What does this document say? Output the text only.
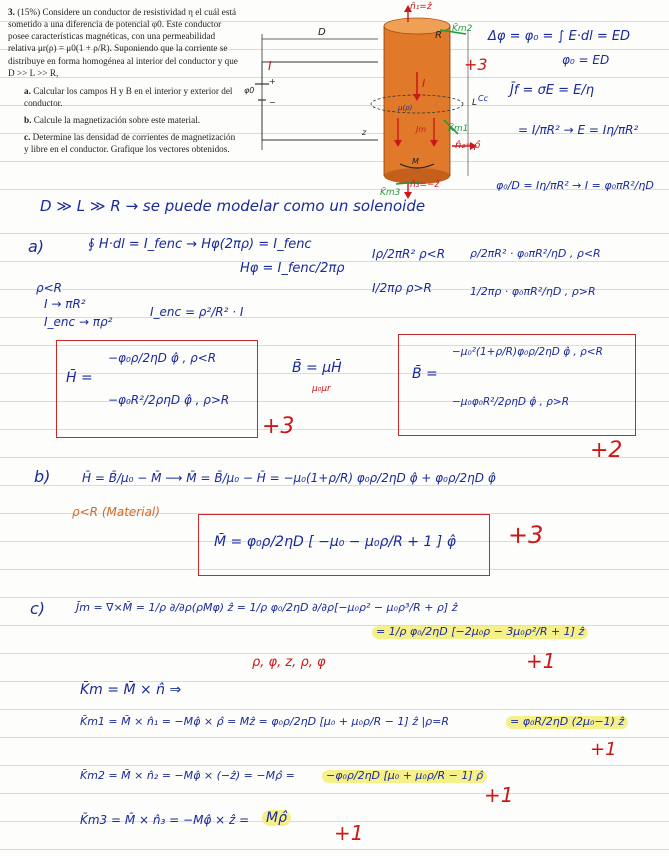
3. (15%) Considere un conductor de resistividad η el cuál está sometido a una diferencia de potencial φ0. Este conductor posee características magnéticas, con una permeabilidad relativa μr(ρ) = μ0(1 + ρ/R). Suponiendo que la corriente se distribuye en forma homogénea al interior del conductor y que D >> L >> R,
a. Calcular los campos H y B en el interior y exterior del conductor.
b. Calcule la magnetización sobre este material.
c. Determine las densidad de corrientes de magnetización y libre en el conductor. Grafique los vectores obtenidos.
D	R
I
φ0
+
−	L
z
I
μ(ρ)
n̂₁=ẑ
K̄m2
K̄m1
K̄m3
n̂₂=ρ̂
n̂₃=−ẑ
Cc
Jm
M
+3
Δφ = φ₀ = ∫ E·dl = ED
φ₀ = ED
J̄f = σE = E/η
= I/πR² → E = Iη/πR²
φ₀/D = Iη/πR² → I = φ₀πR²/ηD
D ≫ L ≫ R → se puede modelar como un solenoide
a)	∮ H·dl = I_fenc → Hφ(2πρ) = I_fenc
Hφ = I_fenc/2πρ
Iρ/2πR² ρ<R
I/2πρ ρ>R
ρ/2πR² · φ₀πR²/ηD , ρ<R
1/2πρ · φ₀πR²/ηD , ρ>R
ρ<R
I → πR²
I_enc → πρ²
I_enc = ρ²/R² · I
H̄ =
−φ₀ρ/2ηD φ̂ , ρ<R
−φ₀R²/2ρηD φ̂ , ρ>R
+3
B̄ = μH̄
μ₀μr
B̄ =
−μ₀²(1+ρ/R)φ₀ρ/2ηD φ̂ , ρ<R
−μ₀φ₀R²/2ρηD φ̂ , ρ>R
+2
b)	H̄ = B̄/μ₀ − M̄ ⟶ M̄ = B̄/μ₀ − H̄ = −μ₀(1+ρ/R) φ₀ρ/2ηD φ̂ + φ₀ρ/2ηD φ̂
ρ<R (Material)
M̄ = φ₀ρ/2ηD [ −μ₀ − μ₀ρ/R + 1 ] φ̂ +3
c)	J̄m = ∇×M̄ = 1/ρ ∂/∂ρ(ρMφ) ẑ = 1/ρ φ₀/2ηD ∂/∂ρ[−μ₀ρ² − μ₀ρ³/R + ρ] ẑ
= 1/ρ φ₀/2ηD [−2μ₀ρ − 3μ₀ρ²/R + 1] ẑ
+1
ρ, φ, z, ρ, φ
K̄m = M̄ × n̂ ⇒
K̄m1 = M̄ × n̂₁ = −Mφ̂ × ρ̂ = Mẑ = φ₀ρ/2ηD [μ₀ + μ₀ρ/R − 1] ẑ |ρ=R	= φ₀R/2ηD (2μ₀−1) ẑ
+1
K̄m2 = M̄ × n̂₂ = −Mφ̂ × (−ẑ) = −Mρ̂ =	−φ₀ρ/2ηD [μ₀ + μ₀ρ/R − 1] ρ̂
+1
K̄m3 = M̄ × n̂₃ = −Mφ̂ × ẑ = Mρ̂
+1
